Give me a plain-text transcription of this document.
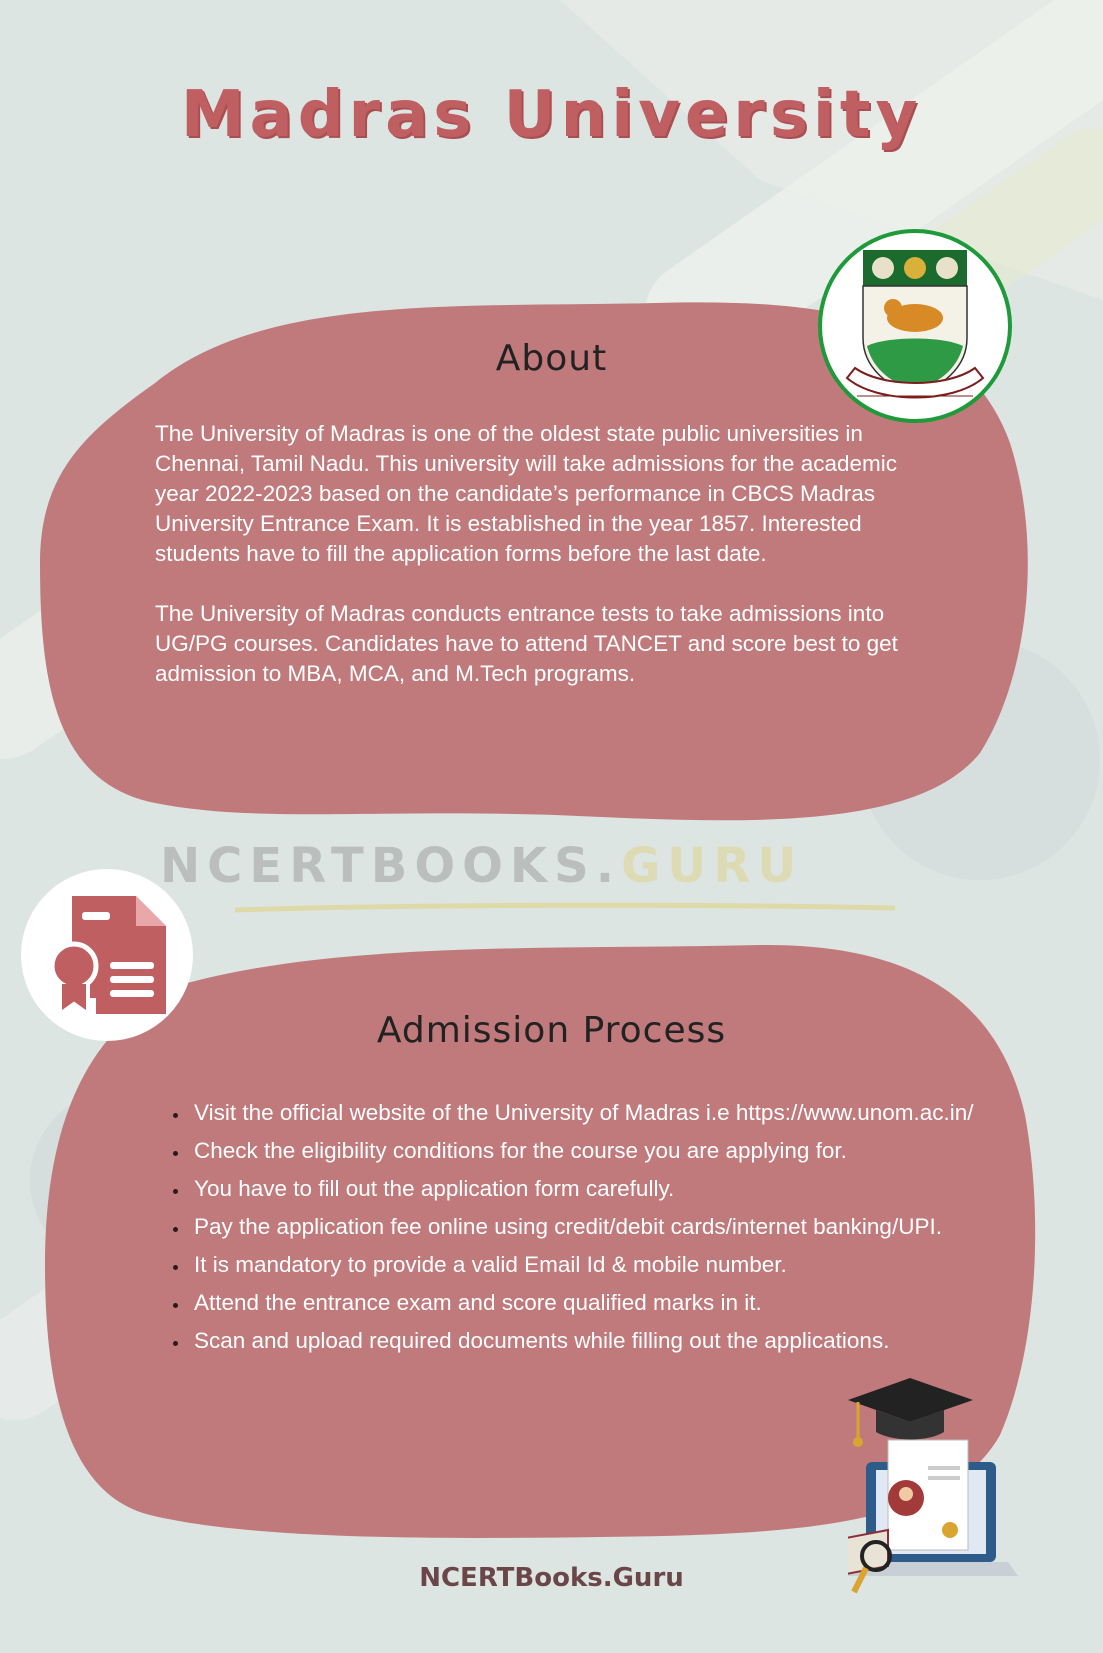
Madras University
About

The University of Madras is one of the oldest state public universities in Chennai, Tamil Nadu. This university will take admissions for the academic year 2022-2023 based on the candidate’s performance in CBCS Madras University Entrance Exam. It is established in the year 1857. Interested students have to fill the application forms before the last date.

The University of Madras conducts entrance tests to take admissions into UG/PG courses. Candidates have to attend TANCET and score best to get admission to MBA, MCA, and M.Tech programs.

NCERTBOOKS.GURU
Admission Process
• Visit the official website of the University of Madras i.e https://www.unom.ac.in/
• Check the eligibility conditions for the course you are applying for.
• You have to fill out the application form carefully.
• Pay the application fee online using credit/debit cards/internet banking/UPI.
• It is mandatory to provide a valid Email Id & mobile number.
• Attend the entrance exam and score qualified marks in it.
• Scan and upload required documents while filling out the applications.
NCERTBooks.Guru
